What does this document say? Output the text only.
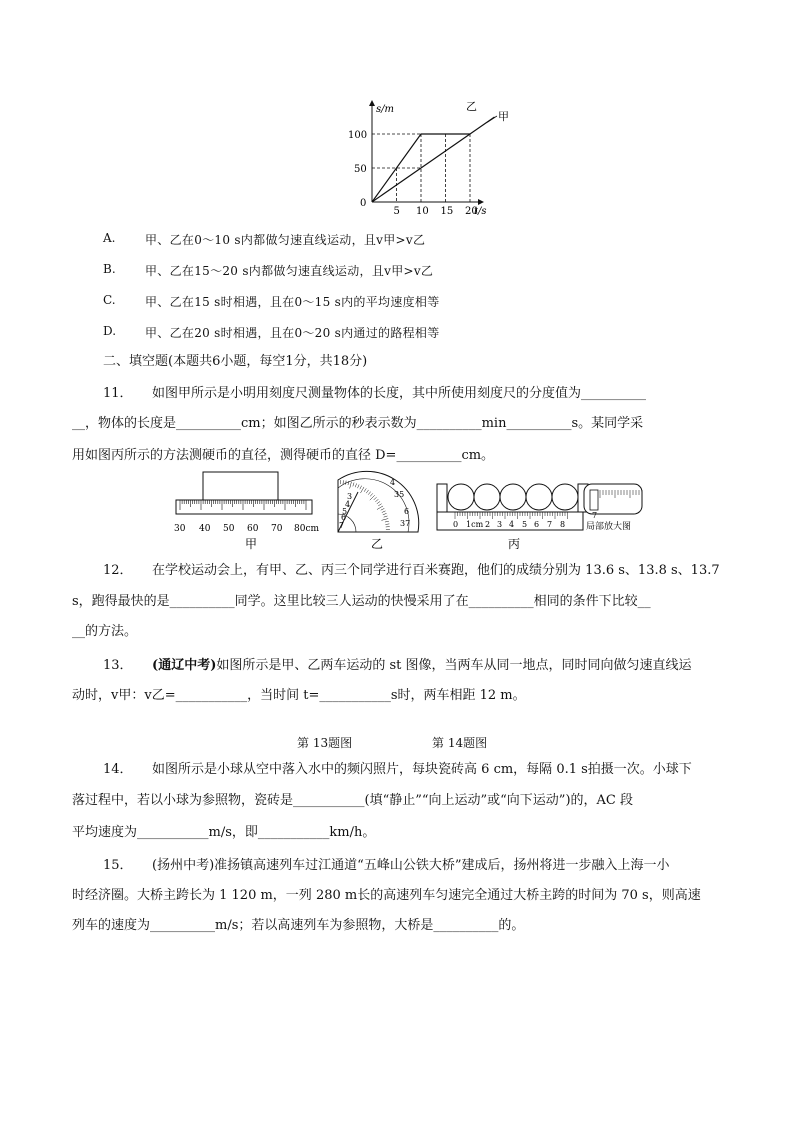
s/m
t/s
100
50
0
5 10 15 20
乙
甲
A. 甲、乙在0～10 s内都做匀速直线运动，且v甲>v乙
B. 甲、乙在15～20 s内都做匀速直线运动，且v甲>v乙
C. 甲、乙在15 s时相遇，且在0～15 s内的平均速度相等
D. 甲、乙在20 s时相遇，且在0～20 s内通过的路程相等
二、填空题(本题共6小题，每空1分，共18分)
11．　　如图甲所示是小明用刻度尺测量物体的长度，其中所使用刻度尺的分度值为__________
__，物体的长度是__________cm；如图乙所示的秒表示数为__________min__________s。某同学采
用如图丙所示的方法测硬币的直径，测得硬币的直径 D=__________cm。
30 40 50 60 70 80cm
甲
3
4
5
6
7
4
35
6
37
乙
0 1cm 2 3 4 5 6 7 8
7
局部放大图
丙
12．　　在学校运动会上，有甲、乙、丙三个同学进行百米赛跑，他们的成绩分别为 13.6 s、13.8 s、13.7
s，跑得最快的是__________同学。这里比较三人运动的快慢采用了在__________相同的条件下比较__
__的方法。
13．　　(通辽中考)如图所示是甲、乙两车运动的 st 图像，当两车从同一地点，同时同向做匀速直线运
动时，v甲：v乙=___________，当时间 t=___________s时，两车相距 12 m。
第 13题图	第 14题图
14．　　如图所示是小球从空中落入水中的频闪照片，每块瓷砖高 6 cm，每隔 0.1 s拍摄一次。小球下
落过程中，若以小球为参照物，瓷砖是___________(填“静止”“向上运动”或“向下运动”)的，AC 段
平均速度为___________m/s，即___________km/h。
15．　　(扬州中考)准扬镇高速列车过江通道“五峰山公铁大桥”建成后，扬州将进一步融入上海一小
时经济圈。大桥主跨长为 1 120 m，一列 280 m长的高速列车匀速完全通过大桥主跨的时间为 70 s，则高速
列车的速度为__________m/s；若以高速列车为参照物，大桥是__________的。
